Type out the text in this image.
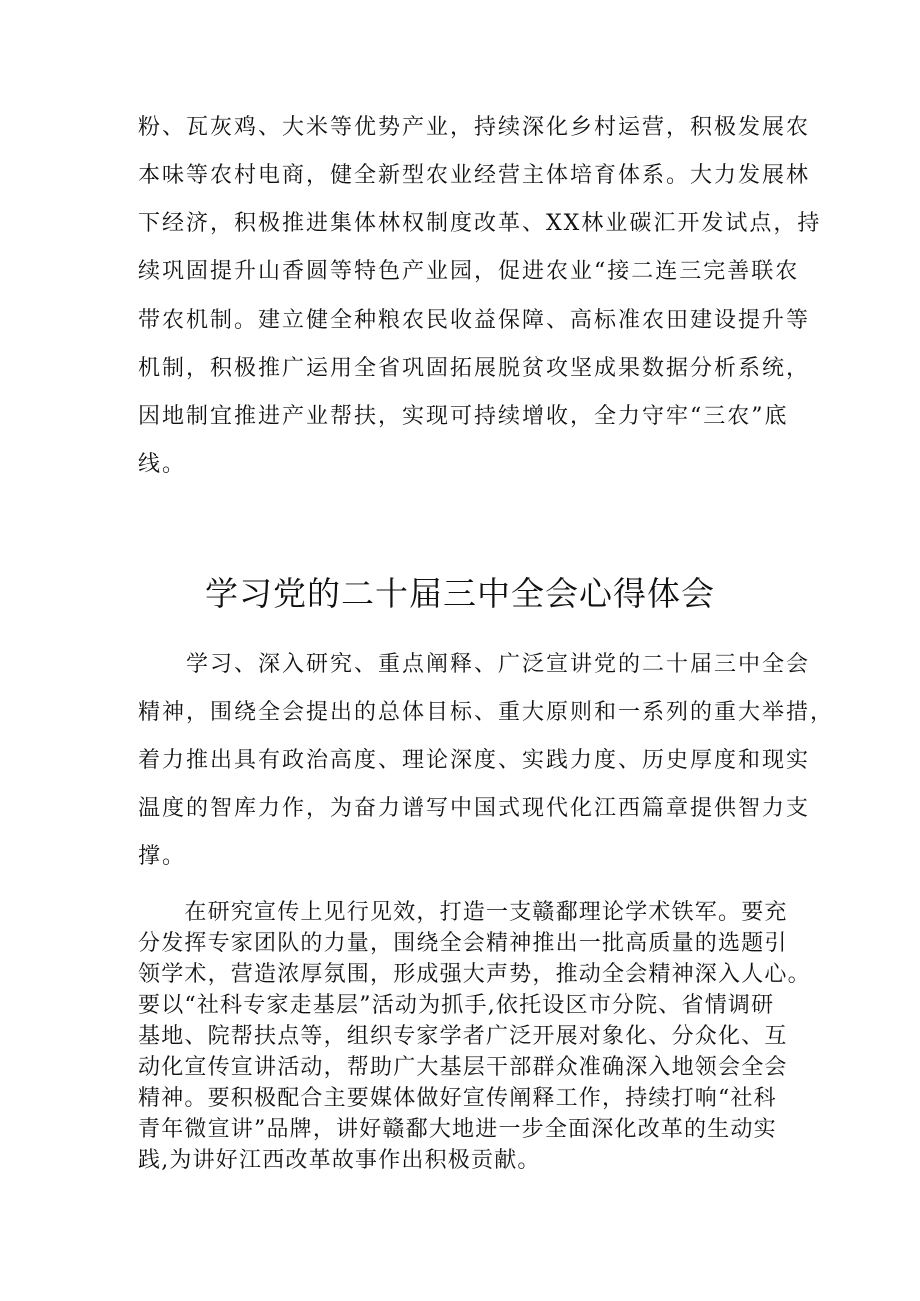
粉、瓦灰鸡、大米等优势产业，持续深化乡村运营，积极发展农
本味等农村电商，健全新型农业经营主体培育体系。大力发展林
下经济，积极推进集体林权制度改革、XX林业碳汇开发试点，持
续巩固提升山香圆等特色产业园，促进农业“接二连三完善联农
带农机制。建立健全种粮农民收益保障、高标准农田建设提升等
机制，积极推广运用全省巩固拓展脱贫攻坚成果数据分析系统，
因地制宜推进产业帮扶，实现可持续增收，全力守牢“三农”底
线。
学习党的二十届三中全会心得体会
　　学习、深入研究、重点阐释、广泛宣讲党的二十届三中全会
精神，围绕全会提出的总体目标、重大原则和一系列的重大举措，
着力推出具有政治高度、理论深度、实践力度、历史厚度和现实
温度的智库力作，为奋力谱写中国式现代化江西篇章提供智力支
撑。
　　在研究宣传上见行见效，打造一支赣鄱理论学术铁军。要充
分发挥专家团队的力量，围绕全会精神推出一批高质量的选题引
领学术，营造浓厚氛围，形成强大声势，推动全会精神深入人心。
要以“社科专家走基层”活动为抓手,依托设区市分院、省情调研
基地、院帮扶点等，组织专家学者广泛开展对象化、分众化、互
动化宣传宣讲活动，帮助广大基层干部群众准确深入地领会全会
精神。要积极配合主要媒体做好宣传阐释工作，持续打响“社科
青年微宣讲”品牌，讲好赣鄱大地进一步全面深化改革的生动实
践,为讲好江西改革故事作出积极贡献。
